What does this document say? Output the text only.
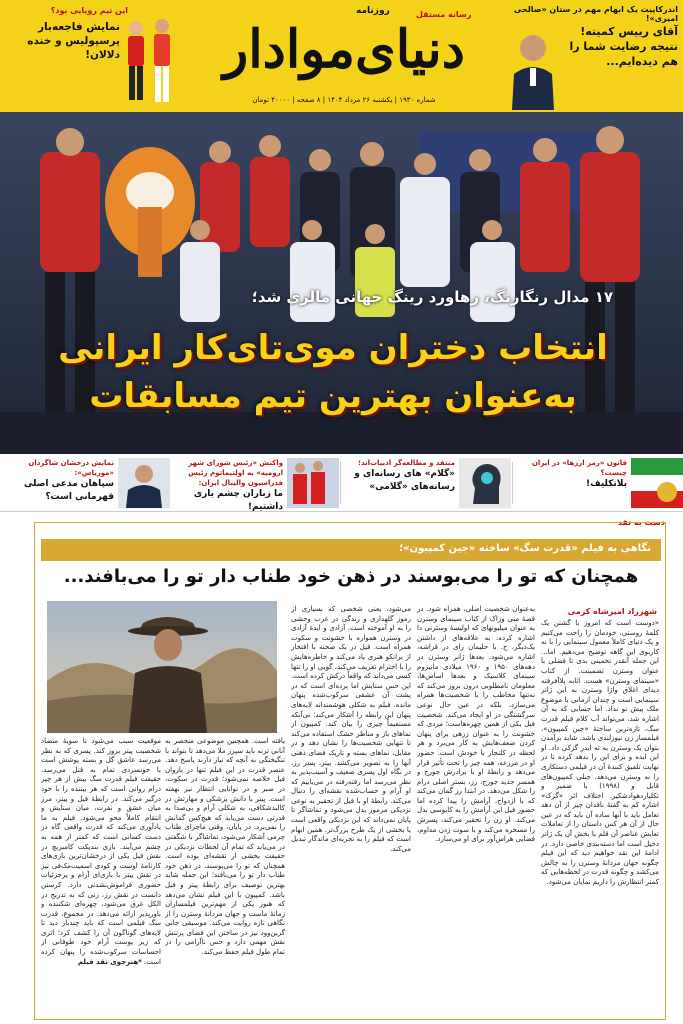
این تیم رویایی بود؟
نمایش فاجعه‌بار پرسپولیس و خنده دلالان!
روزنامه	رسانه مستقل
دنیای‌موادار
شماره ۱۹۳۰ | یکشنبه ۲۶ مرداد ۱۴۰۴ | ۸ صفحه | ۴۰۰۰۰ تومان
اندرکاپیت یک ابهام مهم در ستان «صالحی امیری»!
آقای رییس کمیته! نتیجه رضایت شما را هم دیده‌ایم...
۱۷ مدال رنگارنگ، رهاورد رینگ جهانی مالزی شد؛
انتخاب دختران موی‌تای‌کار ایرانی به‌عنوان بهترین تیم مسابقات
قانون «رمز ارزها» در ایران چیست؟
بلاتکلیف!
منتقد و مطالعه‌گر ادبیات‌اند؛
«گلام» های رسانه‌ای و رسانه‌های «گلامی»
واکنش «رئیس شورای شهر ارومیه» به اولتیماتوم رئیس فدراسیون والیبال ایران:
ما زباران چشم یاری داشتیم!
نمایش درخشان شاگردان «موریاس»:
سپاهان مدعی اصلی قهرمانی است؟
دست به نقد
نگاهی به فیلم «قدرت سگ» ساخته «جین کمپیون»؛
همچنان که تو را می‌بوسند در ذهن خود طناب دار تو را می‌بافند...
شهرزاد امیرشاه کرمی
«دوست است که امروز با گشتن یک کلمهٔ روستی، خودمان را راحت می‌کنیم و یک دنیای کاملاً معمول سینمایی را با نه کاربوی این گاهه توضیح می‌دهیم. اما... این جمله آنقدر تخمینی بدی تا فضلی با عنوان وسترن تضمینت. از کتاب «سینمای وسترن» هست. اثابه پلا‌آفرفته دیدای اغلاق واژا وسترن به این ژانر سینمایی است و چندان ازمانی با موضوع ملک پیش نو نداد. اما جسابی که به آن اشاره شد، می‌تواند آب کلام فیلم قدرت سگ، تازه‌ترین ساختهٔ «جین کمپیون»، فیلمساز زن نیوزلندی باشد. شاید برآمدن بتوان یک وسترن به ته ایدر گزکی داد. او این ایده و برای این را بدهد کرده تا در نهایت تلفیق کنندهٔ آن در فیلمی دستکاری را به وسترن می‌دهد. جبلی کمپیون‌های قابل و (۱۹۹۸) با ضمیر و تکلیاردهوادشکیر. اختلاف اثر «گزک» اشاره کم به گفتهٔ ناقدان چیز از آن دهد تعامل باید با آنها ساده آن باید که در عین حال از آن هر کس داستان را از تعاملات تعایش عناصر آن قلم با بخش آن یک ژانر دخیل است اما دسته‌بندی خاصی دارد. در ادامهٔ این نقد خواهیم دید که این فیلم چگونه جهان مردانهٔ وسترن را به چالش می‌کشد و چگونه قدرت در لحظه‌هایی که کمتر انتظارش را داریم نمایان می‌شود.
به‌عنوان شخصیت اصلی، همراه شود. در قصهٔ منی وزاک از کتاب سینمای وسترن به عنوان میلیونهای که اولیسهٔ وسترنی دا اشاره کرده. به علاقه‌های از داشتن یک‌دیگر، خ. با حلیمان زای در قراشه، اشاره می‌شود. بعدها ژانر وسترن در دهه‌های ۱۹۵۰ و ۱۹۶۰ میلادی مانیزوم سینمای کلاسیک و بعدها اساس‌ها، معلومان نامطلوبی درون بروز می‌کند که نه‌تنها مخاطب را با شخصیت‌ها همراه می‌سازد، بلکه در عین حال نوعی سرگشتگی در او ایجاد می‌کند. شخصیت فیل یکی از همین چهره‌هاست؛ مردی که خشونت را به عنوان زرهی برای پنهان کردن ضعف‌هایش به کار می‌برد و هر لحظه در کلنجار با خودش است. حضور او در مزرعه، همه چیز را تحت تأثیر قرار می‌دهد و رابطهٔ او با برادرش جورج و همسر جدید جورج، رز، بستر اصلی درام را شکل می‌دهد. در ابتدا رز گمان می‌کند که با ازدواج، آرامش را پیدا کرده اما حضور فیل این آرامش را به کابوسی بدل می‌کند. او زن را تحقیر می‌کند، پسرش را مسخره می‌کند و با سوت زدن مداوم، فضایی هراس‌آور برای او می‌سازد.
می‌شود، یعنی شخصی که بسیاری از رموز گلهداری و زندگی در غرب وحشی را به او آموخته است. آزادی و ایدهٔ آزادی در وسترن همواره با خشونت و سکوت همراه است. فیل در یک صحنه با افتخار از برانکو هنری یاد می‌کند و خاطره‌هایش را با احترام تعریف می‌کند، گویی او را تنها کسی می‌داند که واقعاً درکش کرده است. این حس ستایش اما پرده‌ای است که در پشت آن عشقی سرکوب‌شده پنهان مانده. فیلم به شکلی هوشمندانه لایه‌های پنهان این رابطه را آشکار می‌کند؛ بی‌آنکه مستقیماً چیزی را بیان کند. کمپیون از نماهای باز و مناظر خشک استفاده می‌کند تا تنهایی شخصیت‌ها را نشان دهد و در مقابل، نماهای بسته و تاریک فضای ذهنی آنها را به تصویر می‌کشد. پیتر، پسر رز، در نگاه اول پسری ضعیف و آسیب‌پذیر به نظر می‌رسد اما رفته‌رفته در می‌یابیم که او آرام و حساب‌شده نقشه‌ای را دنبال می‌کند. رابطهٔ او با فیل از تحقیر به نوعی نزدیکی مرموز بدل می‌شود و تماشاگر تا پایان نمی‌داند که این نزدیکی واقعی است یا بخشی از یک طرح بزرگ‌تر. همین ابهام است که فیلم را به تجربه‌ای ماندگار تبدیل می‌کند.
یافته است. همچنین موضوعی منحصر به آنانی ترنه باید سپرز ملا می‌دهد تا بتواند با تنگیختگی به آنچه که نیاز دارند پاسخ دهد. عنصر قدرت در این فیلم تنها در بازوان فیل خلاصه نمی‌شود؛ قدرت در سکوت، در صبر و در توانایی انتظار نیز نهفته است. پیتر با دانش پزشکی و مهارتش در کالبدشکافی، به شکلی آرام و بی‌صدا به قدرتی دست می‌یابد که هیچ‌کس گمانش را نمی‌برد. در پایان، وقتی ماجرای طناب چرمی آشکار می‌شود، تماشاگر با شگفتی در می‌یابد که تمام آن لحظات نزدیکی در حقیقت بخشی از نقشه‌ای بوده است. همچنان که تو را می‌بوسند، در ذهن خود طناب دار تو را می‌بافند؛ این جمله شاید بهترین توصیف برای رابطهٔ پیتر و فیل باشد. کمپیون با این فیلم نشان می‌دهد که هنوز یکی از مهم‌ترین فیلمسازان زمانهٔ ماست و جهان مردانهٔ وسترن را از نگاهی تازه روایت می‌کند. موسیقی جانی گرین‌وود نیز در ساختن این فضای پرتنش نقش مهمی دارد و حس ناآرامی را در تمام طول فیلم حفظ می‌کند.
موقعیت سبب می‌شود تا سویهٔ متضاد شخصیت پیتر بروز کند. پسری که به نظر می‌رسد عاشق گل و بسته پوشش است با خونسردی تمام به قتل می‌رسد. حقیقت فیلم قدرت سگ بیش از هر چیز درام روانی است که هر بیننده را با خود درگیر می‌کند. در رابطهٔ فیل و پیتر، مرز میان عشق و نفرت، میان ستایش و انتقام کاملاً محو می‌شود. فیلم به ما یادآوری می‌کند که قدرت واقعی گاه در دست کسانی است که کمتر از همه به چشم می‌آیند. بازی بندیکت کامبربچ در نقش فیل یکی از درخشان‌ترین بازی‌های کارنامهٔ اوست و کودی اسمیت‌مک‌فی نیز در نقش پیتر با بازی‌ای آرام و پرجزئیات حضوری فراموش‌نشدنی دارد. کرستن دانست در نقش رز، زنی که به تدریج در الکل غرق می‌شود، چهره‌ای شکننده و باورپذیر ارائه می‌دهد. در مجموع، قدرت سگ فیلمی است که باید چندبار دید تا لایه‌های گوناگون آن را کشف کرد؛ اثری که زیر پوست آرام خود طوفانی از احساسات سرکوب‌شده را پنهان کرده است. *هنرجوی نقد فیلم
